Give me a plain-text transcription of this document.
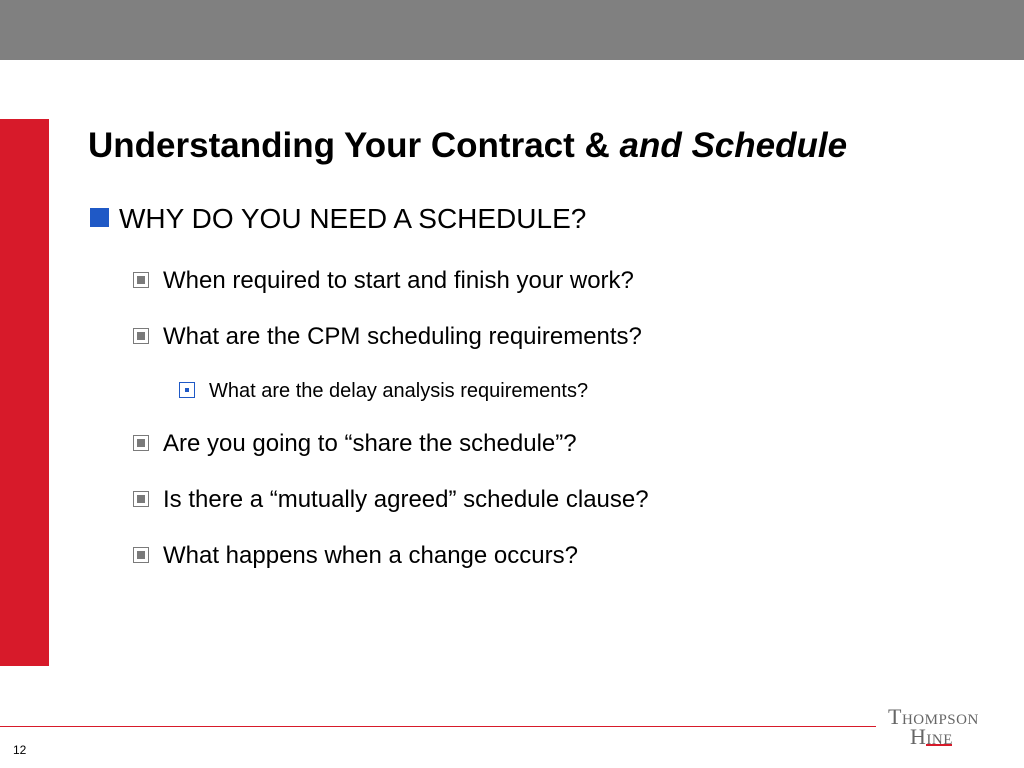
Understanding Your Contract & and Schedule
WHY DO YOU NEED A SCHEDULE?
When required to start and finish your work?
What are the CPM scheduling requirements?
What are the delay analysis requirements?
Are you going to “share the schedule”?
Is there a “mutually agreed” schedule clause?
What happens when a change occurs?
12
THOMPSON
HINE
